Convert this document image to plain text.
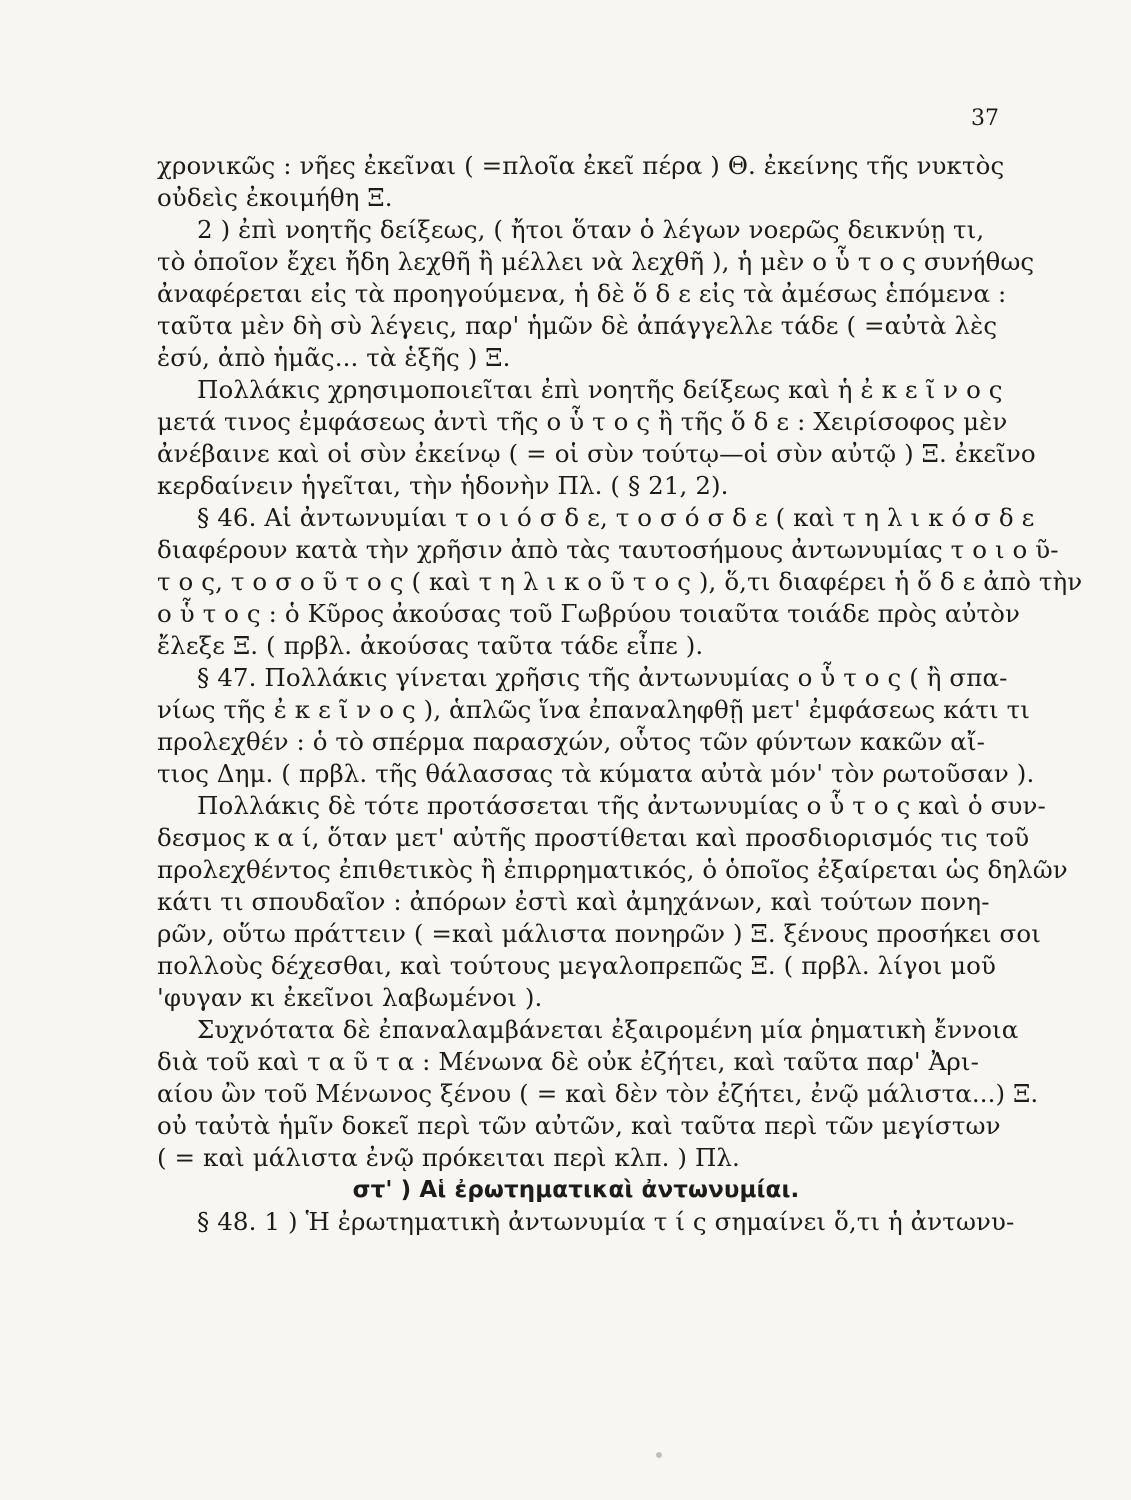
37
χρονικῶς : νῆες ἐκεῖναι ( =πλοῖα ἐκεῖ πέρα ) Θ. ἐκείνης τῆς νυκτὸς
οὐδεὶς ἐκοιμήθη Ξ.
2 ) ἐπὶ νοητῆς δείξεως, ( ἤτοι ὅταν ὁ λέγων νοερῶς δεικνύῃ τι,
τὸ ὁποῖον ἔχει ἤδη λεχθῆ ἢ μέλλει νὰ λεχθῆ ), ἡ μὲν ο ὗ τ ο ς συνήθως
ἀναφέρεται εἰς τὰ προηγούμενα, ἡ δὲ ὅ δ ε εἰς τὰ ἀμέσως ἑπόμενα :
ταῦτα μὲν δὴ σὺ λέγεις, παρ' ἡμῶν δὲ ἀπάγγελλε τάδε ( =αὐτὰ λὲς
ἐσύ, ἀπὸ ἡμᾶς... τὰ ἑξῆς ) Ξ.
Πολλάκις χρησιμοποιεῖται ἐπὶ νοητῆς δείξεως καὶ ἡ ἐ κ ε ῖ ν ο ς
μετά τινος ἐμφάσεως ἀντὶ τῆς ο ὗ τ ο ς ἢ τῆς ὅ δ ε : Χειρίσοφος μὲν
ἀνέβαινε καὶ οἱ σὺν ἐκείνῳ ( = οἱ σὺν τούτῳ—οἱ σὺν αὐτῷ ) Ξ. ἐκεῖνο
κερδαίνειν ἡγεῖται, τὴν ἡδονὴν Πλ. ( § 21, 2).
§ 46. Αἱ ἀντωνυμίαι τ ο ι ό σ δ ε, τ ο σ ό σ δ ε ( καὶ τ η λ ι κ ό σ δ ε
διαφέρουν κατὰ τὴν χρῆσιν ἀπὸ τὰς ταυτοσήμους ἀντωνυμίας τ ο ι ο ῦ-
τ ο ς, τ ο σ ο ῦ τ ο ς ( καὶ τ η λ ι κ ο ῦ τ ο ς ), ὅ,τι διαφέρει ἡ ὅ δ ε ἀπὸ τὴν
ο ὗ τ ο ς : ὁ Κῦρος ἀκούσας τοῦ Γωβρύου τοιαῦτα τοιάδε πρὸς αὐτὸν
ἔλεξε Ξ. ( πρβλ. ἀκούσας ταῦτα τάδε εἶπε ).
§ 47. Πολλάκις γίνεται χρῆσις τῆς ἀντωνυμίας ο ὗ τ ο ς ( ἢ σπα-
νίως τῆς ἐ κ ε ῖ ν ο ς ), ἁπλῶς ἵνα ἐπαναληφθῇ μετ' ἐμφάσεως κάτι τι
προλεχθέν : ὁ τὸ σπέρμα παρασχών, οὗτος τῶν φύντων κακῶν αἴ-
τιος Δημ. ( πρβλ. τῆς θάλασσας τὰ κύματα αὐτὰ μόν' τὸν ρωτοῦσαν ).
Πολλάκις δὲ τότε προτάσσεται τῆς ἀντωνυμίας ο ὗ τ ο ς καὶ ὁ συν-
δεσμος κ α ί, ὅταν μετ' αὐτῆς προστίθεται καὶ προσδιορισμός τις τοῦ
προλεχθέντος ἐπιθετικὸς ἢ ἐπιρρηματικός, ὁ ὁποῖος ἐξαίρεται ὡς δηλῶν
κάτι τι σπουδαῖον : ἀπόρων ἐστὶ καὶ ἀμηχάνων, καὶ τούτων πονη-
ρῶν, οὕτω πράττειν ( =καὶ μάλιστα πονηρῶν ) Ξ. ξένους προσήκει σοι
πολλοὺς δέχεσθαι, καὶ τούτους μεγαλοπρεπῶς Ξ. ( πρβλ. λίγοι μοῦ
'φυγαν κι ἐκεῖνοι λαβωμένοι ).
Συχνότατα δὲ ἐπαναλαμβάνεται ἐξαιρομένη μία ῥηματικὴ ἔννοια
διὰ τοῦ καὶ τ α ῦ τ α : Μένωνα δὲ οὐκ ἐζήτει, καὶ ταῦτα παρ' Ἀρι-
αίου ὢν τοῦ Μένωνος ξένου ( = καὶ δὲν τὸν ἐζήτει, ἐνῷ μάλιστα...) Ξ.
οὐ ταὐτὰ ἡμῖν δοκεῖ περὶ τῶν αὐτῶν, καὶ ταῦτα περὶ τῶν μεγίστων
( = καὶ μάλιστα ἐνῷ πρόκειται περὶ κλπ. ) Πλ.
στ' ) Αἱ ἐρωτηματικαὶ ἀντωνυμίαι.
§ 48. 1 ) Ἡ ἐρωτηματικὴ ἀντωνυμία τ ί ς σημαίνει ὅ,τι ἡ ἀντωνυ-
